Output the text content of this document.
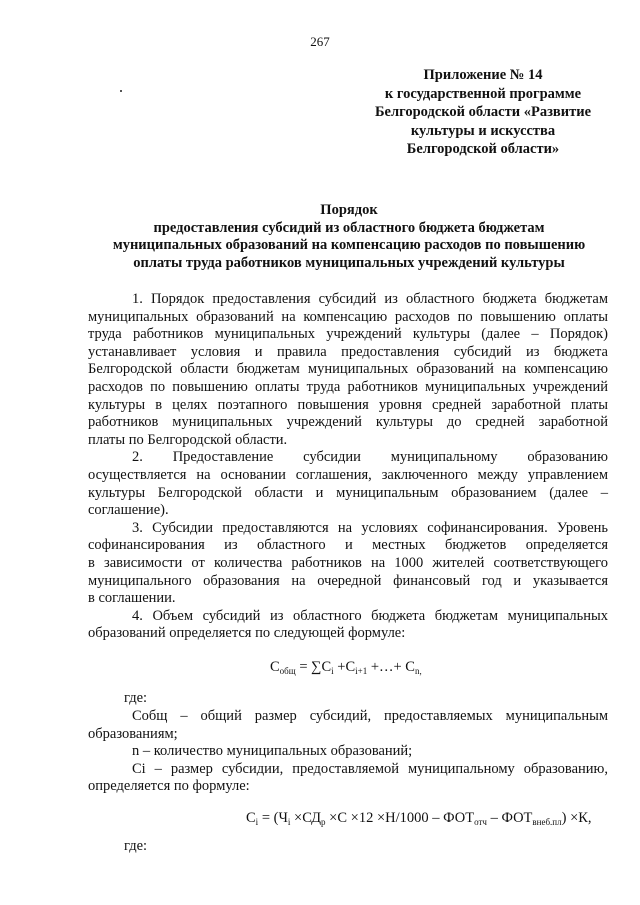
267
Приложение № 14
к государственной программе
Белгородской области «Развитие
культуры и искусства
Белгородской области»
Порядок
предоставления субсидий из областного бюджета бюджетам
муниципальных образований на компенсацию расходов по повышению
оплаты труда работников муниципальных учреждений культуры
1. Порядок предоставления субсидий из областного бюджета бюджетам
муниципальных образований на компенсацию расходов по повышению оплаты
труда работников муниципальных учреждений культуры (далее – Порядок)
устанавливает условия и правила предоставления субсидий из бюджета
Белгородской области бюджетам муниципальных образований на компенсацию
расходов по повышению оплаты труда работников муниципальных учреждений
культуры в целях поэтапного повышения уровня средней заработной платы
работников муниципальных учреждений культуры до средней заработной
платы по Белгородской области.
2. Предоставление субсидии муниципальному образованию
осуществляется на основании соглашения, заключенного между управлением
культуры Белгородской области и муниципальным образованием (далее –
соглашение).
3. Субсидии предоставляются на условиях софинансирования. Уровень
софинансирования из областного и местных бюджетов определяется
в зависимости от количества работников на 1000 жителей соответствующего
муниципального образования на очередной финансовый год и указывается
в соглашении.
4. Объем субсидий из областного бюджета бюджетам муниципальных
образований определяется по следующей формуле:
$С_{общ} = \sum С_i +С_{i+1}$ +…+ $С_{n,}$
где:
Собщ – общий размер субсидий, предоставляемых муниципальным
образованиям;
n – количество муниципальных образований;
Сi – размер субсидии, предоставляемой муниципальному образованию,
определяется по формуле:
$С_i = (Ч_i \times СД_р \times С \times 12 \times Н/1000 - ФОТ_{отч} - ФОТ_{внеб.пл}) \times К$,
где:
